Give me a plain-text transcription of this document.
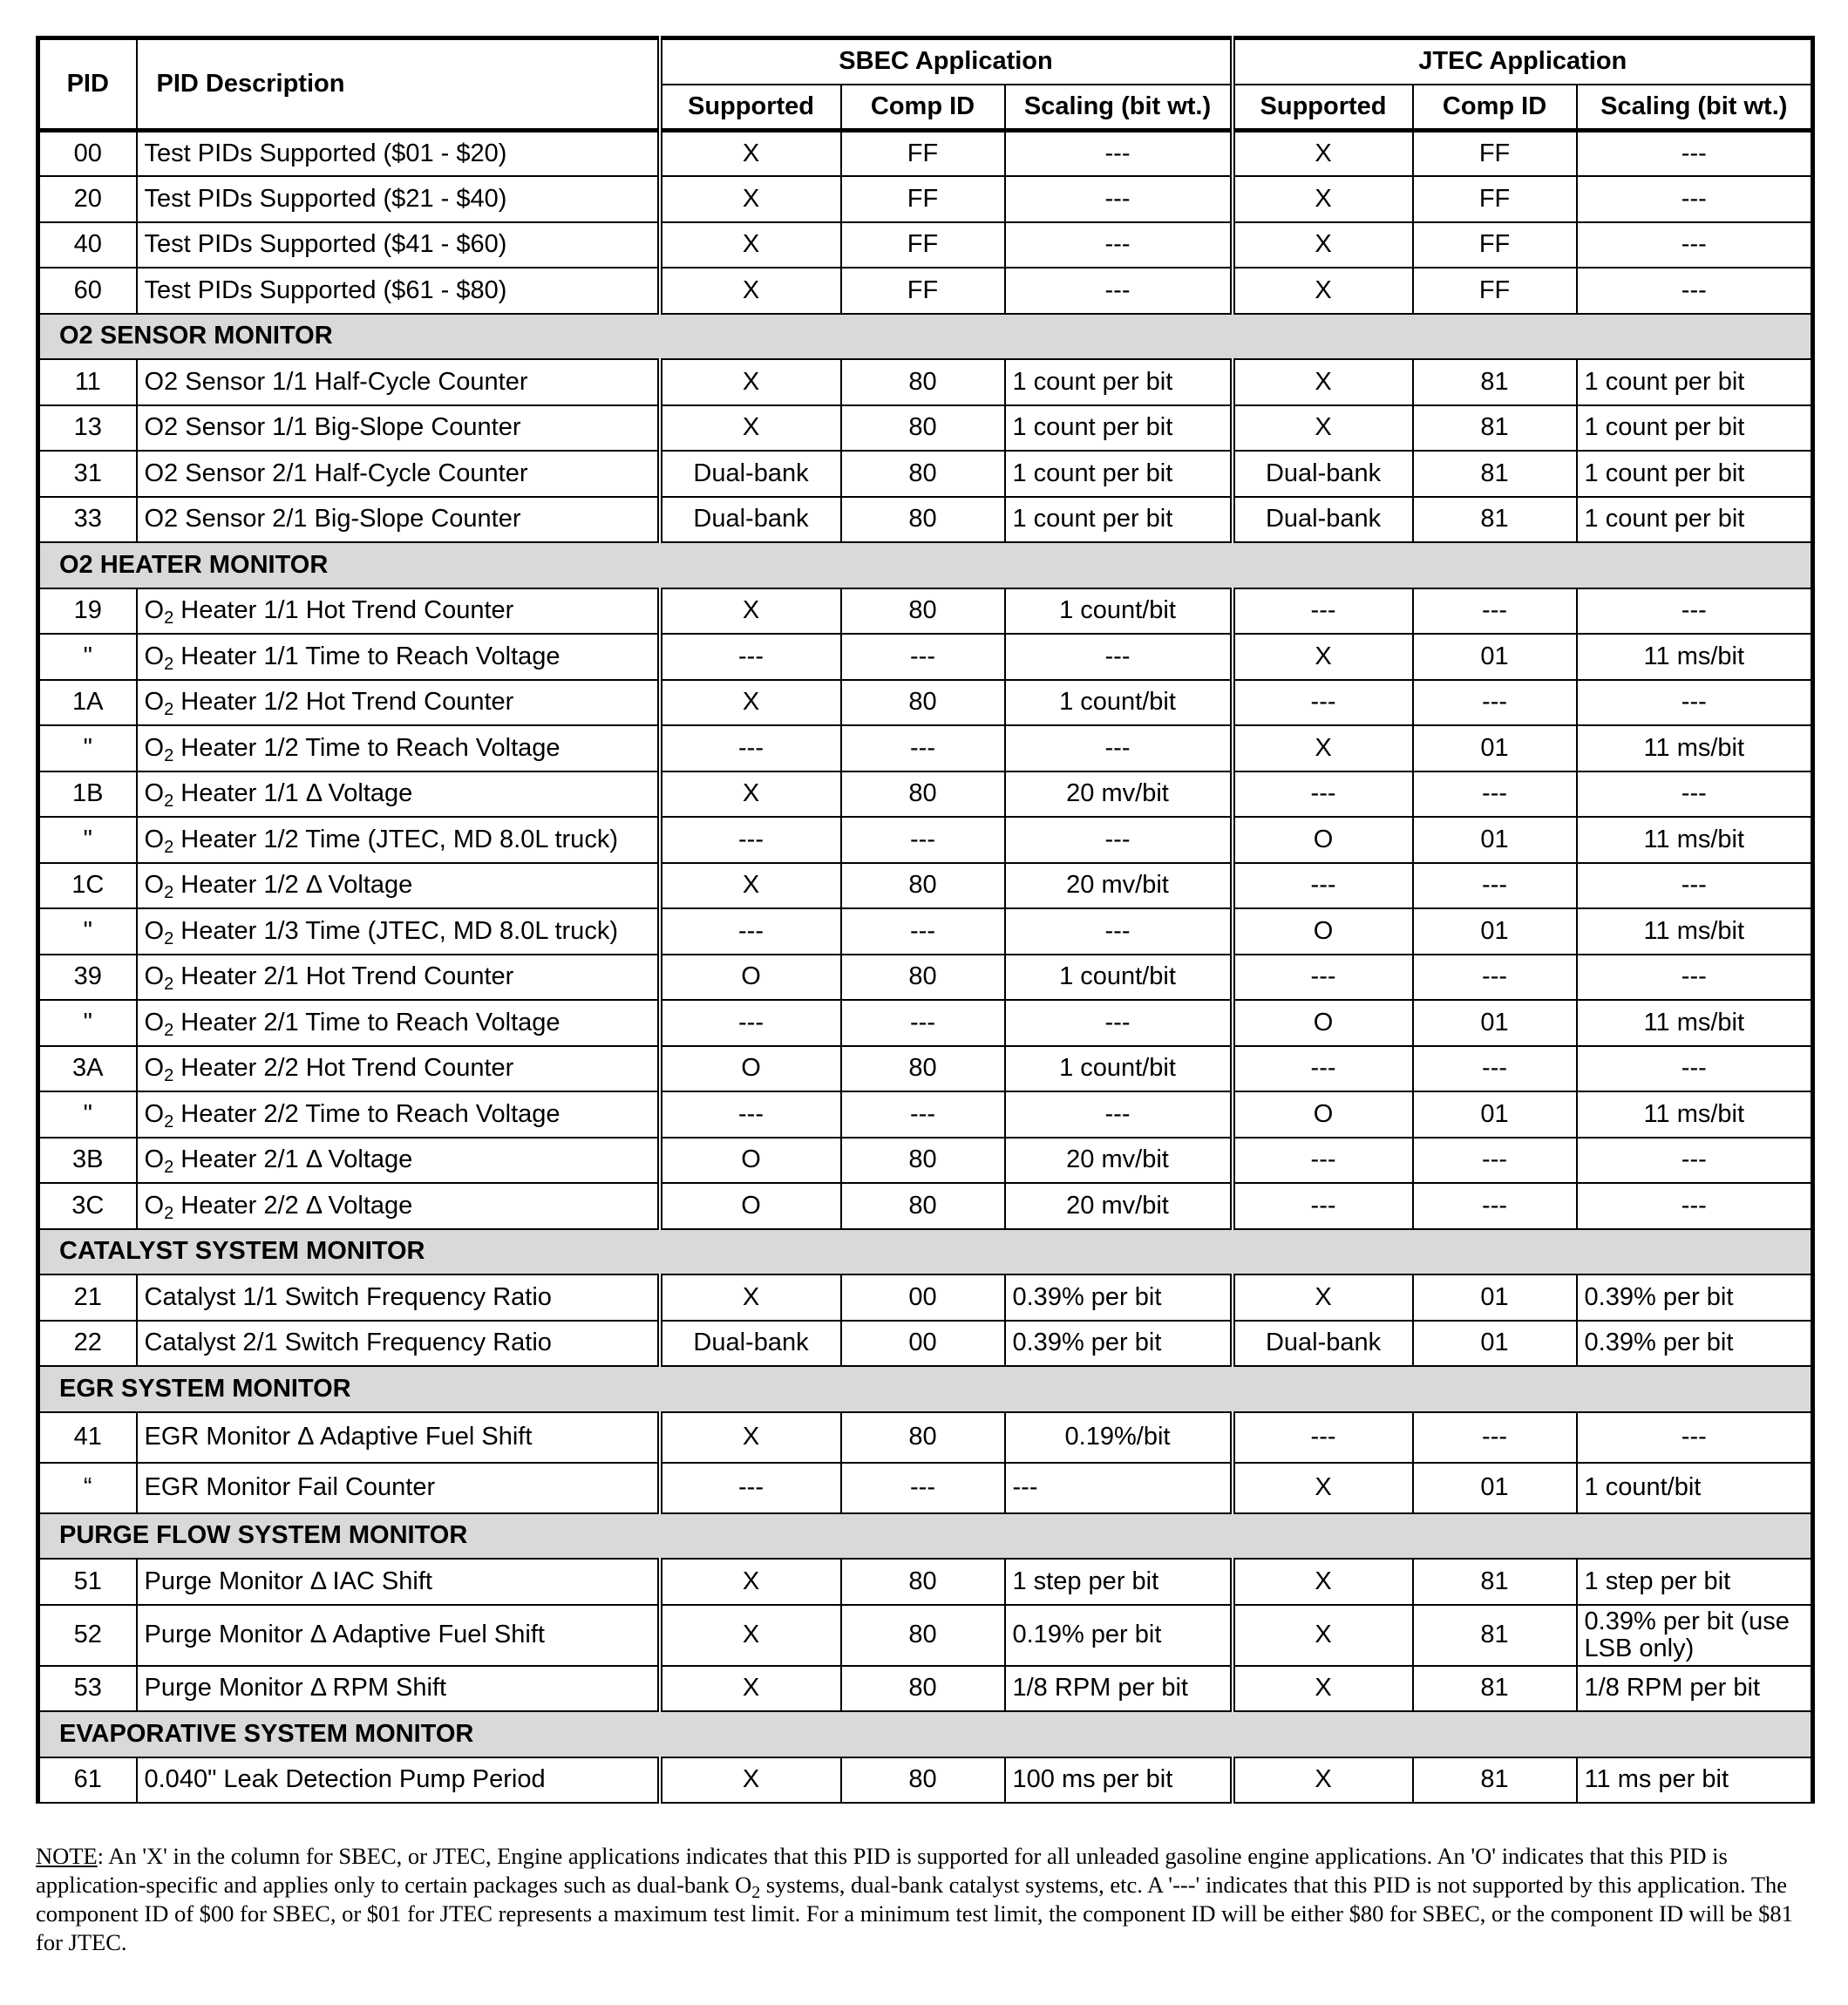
PID	PID Description	SBEC Application			JTEC Application		
		Supported	Comp ID	Scaling (bit wt.)	Supported	Comp ID	Scaling (bit wt.)
00	Test PIDs Supported ($01 - $20)	X	FF	---	X	FF	---
20	Test PIDs Supported ($21 - $40)	X	FF	---	X	FF	---
40	Test PIDs Supported ($41 - $60)	X	FF	---	X	FF	---
60	Test PIDs Supported ($61 - $80)	X	FF	---	X	FF	---
O2 SENSOR MONITOR							
11	O2 Sensor 1/1 Half-Cycle Counter	X	80	1 count per bit	X	81	1 count per bit
13	O2 Sensor 1/1 Big-Slope Counter	X	80	1 count per bit	X	81	1 count per bit
31	O2 Sensor 2/1 Half-Cycle Counter	Dual-bank	80	1 count per bit	Dual-bank	81	1 count per bit
33	O2 Sensor 2/1 Big-Slope Counter	Dual-bank	80	1 count per bit	Dual-bank	81	1 count per bit
O2 HEATER MONITOR							
19	$O_2$ Heater 1/1 Hot Trend Counter	X	80	1 count/bit	---	---	---
"	$O_2$ Heater 1/1 Time to Reach Voltage	---	---	---	X	01	11 ms/bit
1A	$O_2$ Heater 1/2 Hot Trend Counter	X	80	1 count/bit	---	---	---
"	$O_2$ Heater 1/2 Time to Reach Voltage	---	---	---	X	01	11 ms/bit
1B	$O_2$ Heater 1/1 Δ Voltage	X	80	20 mv/bit	---	---	---
"	$O_2$ Heater 1/2 Time (JTEC, MD 8.0L truck)	---	---	---	O	01	11 ms/bit
1C	$O_2$ Heater 1/2 Δ Voltage	X	80	20 mv/bit	---	---	---
"	$O_2$ Heater 1/3 Time (JTEC, MD 8.0L truck)	---	---	---	O	01	11 ms/bit
39	$O_2$ Heater 2/1 Hot Trend Counter	O	80	1 count/bit	---	---	---
"	$O_2$ Heater 2/1 Time to Reach Voltage	---	---	---	O	01	11 ms/bit
3A	$O_2$ Heater 2/2 Hot Trend Counter	O	80	1 count/bit	---	---	---
"	$O_2$ Heater 2/2 Time to Reach Voltage	---	---	---	O	01	11 ms/bit
3B	$O_2$ Heater 2/1 Δ Voltage	O	80	20 mv/bit	---	---	---
3C	$O_2$ Heater 2/2 Δ Voltage	O	80	20 mv/bit	---	---	---
CATALYST SYSTEM MONITOR							
21	Catalyst 1/1 Switch Frequency Ratio	X	00	0.39% per bit	X	01	0.39% per bit
22	Catalyst 2/1 Switch Frequency Ratio	Dual-bank	00	0.39% per bit	Dual-bank	01	0.39% per bit
EGR SYSTEM MONITOR							
41	EGR Monitor Δ Adaptive Fuel Shift	X	80	0.19%/bit	---	---	---
“	EGR Monitor Fail Counter	---	---	---	X	01	1 count/bit
PURGE FLOW SYSTEM MONITOR							
51	Purge Monitor Δ IAC Shift	X	80	1 step per bit	X	81	1 step per bit
52	Purge Monitor Δ Adaptive Fuel Shift	X	80	0.19% per bit	X	81	0.39% per bit (use LSB only)
53	Purge Monitor Δ RPM Shift	X	80	1/8 RPM per bit	X	81	1/8 RPM per bit
EVAPORATIVE SYSTEM MONITOR							
61	0.040" Leak Detection Pump Period	X	80	100 ms per bit	X	81	11 ms per bit
NOTE: An 'X' in the column for SBEC, or JTEC, Engine applications indicates that this PID is supported for all unleaded gasoline engine applications. An 'O' indicates that this PID is application-specific and applies only to certain packages such as dual-bank $O_2$ systems, dual-bank catalyst systems, etc. A '---' indicates that this PID is not supported by this application. The component ID of $00 for SBEC, or $01 for JTEC represents a maximum test limit. For a minimum test limit, the component ID will be either $80 for SBEC, or the component ID will be $81 for JTEC.
